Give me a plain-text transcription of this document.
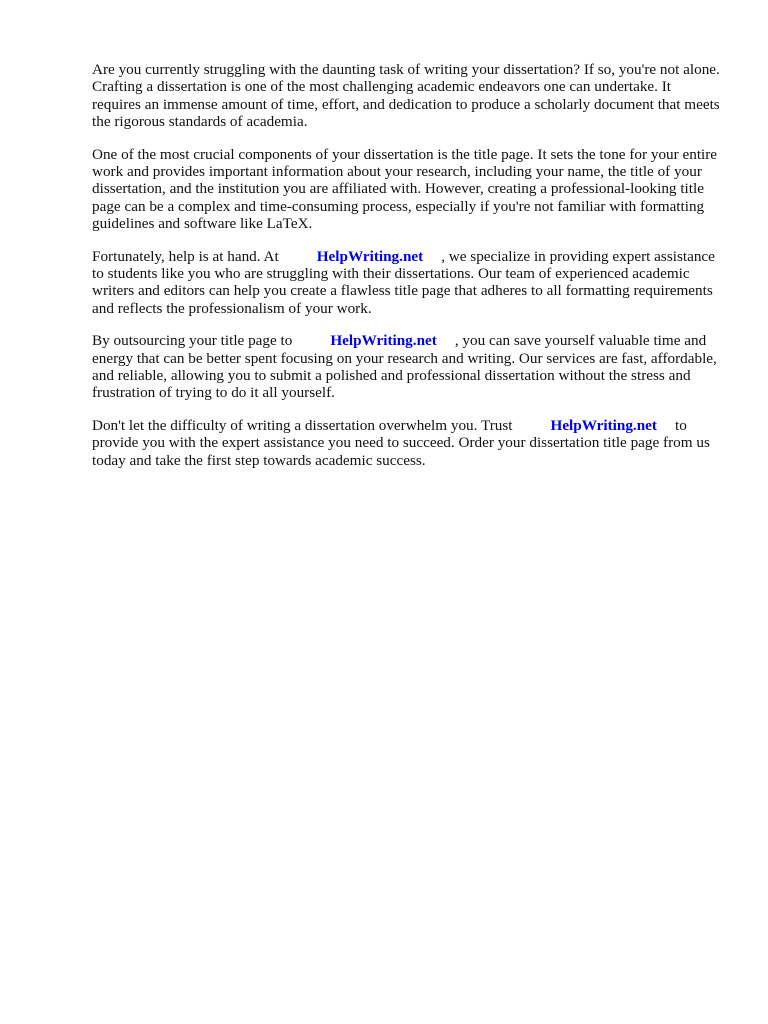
Are you currently struggling with the daunting task of writing your dissertation? If so, you're not alone. Crafting a dissertation is one of the most challenging academic endeavors one can undertake. It requires an immense amount of time, effort, and dedication to produce a scholarly document that meets the rigorous standards of academia.

One of the most crucial components of your dissertation is the title page. It sets the tone for your entire work and provides important information about your research, including your name, the title of your dissertation, and the institution you are affiliated with. However, creating a professional-looking title page can be a complex and time-consuming process, especially if you're not familiar with formatting guidelines and software like LaTeX.

Fortunately, help is at hand. At	HelpWriting.net , we specialize in providing expert assistance to students like you who are struggling with their dissertations. Our team of experienced academic writers and editors can help you create a flawless title page that adheres to all formatting requirements and reflects the professionalism of your work.

By outsourcing your title page to	HelpWriting.net , you can save yourself valuable time and energy that can be better spent focusing on your research and writing. Our services are fast, affordable, and reliable, allowing you to submit a polished and professional dissertation without the stress and frustration of trying to do it all yourself.

Don't let the difficulty of writing a dissertation overwhelm you. Trust	HelpWriting.net to provide you with the expert assistance you need to succeed. Order your dissertation title page from us today and take the first step towards academic success.
